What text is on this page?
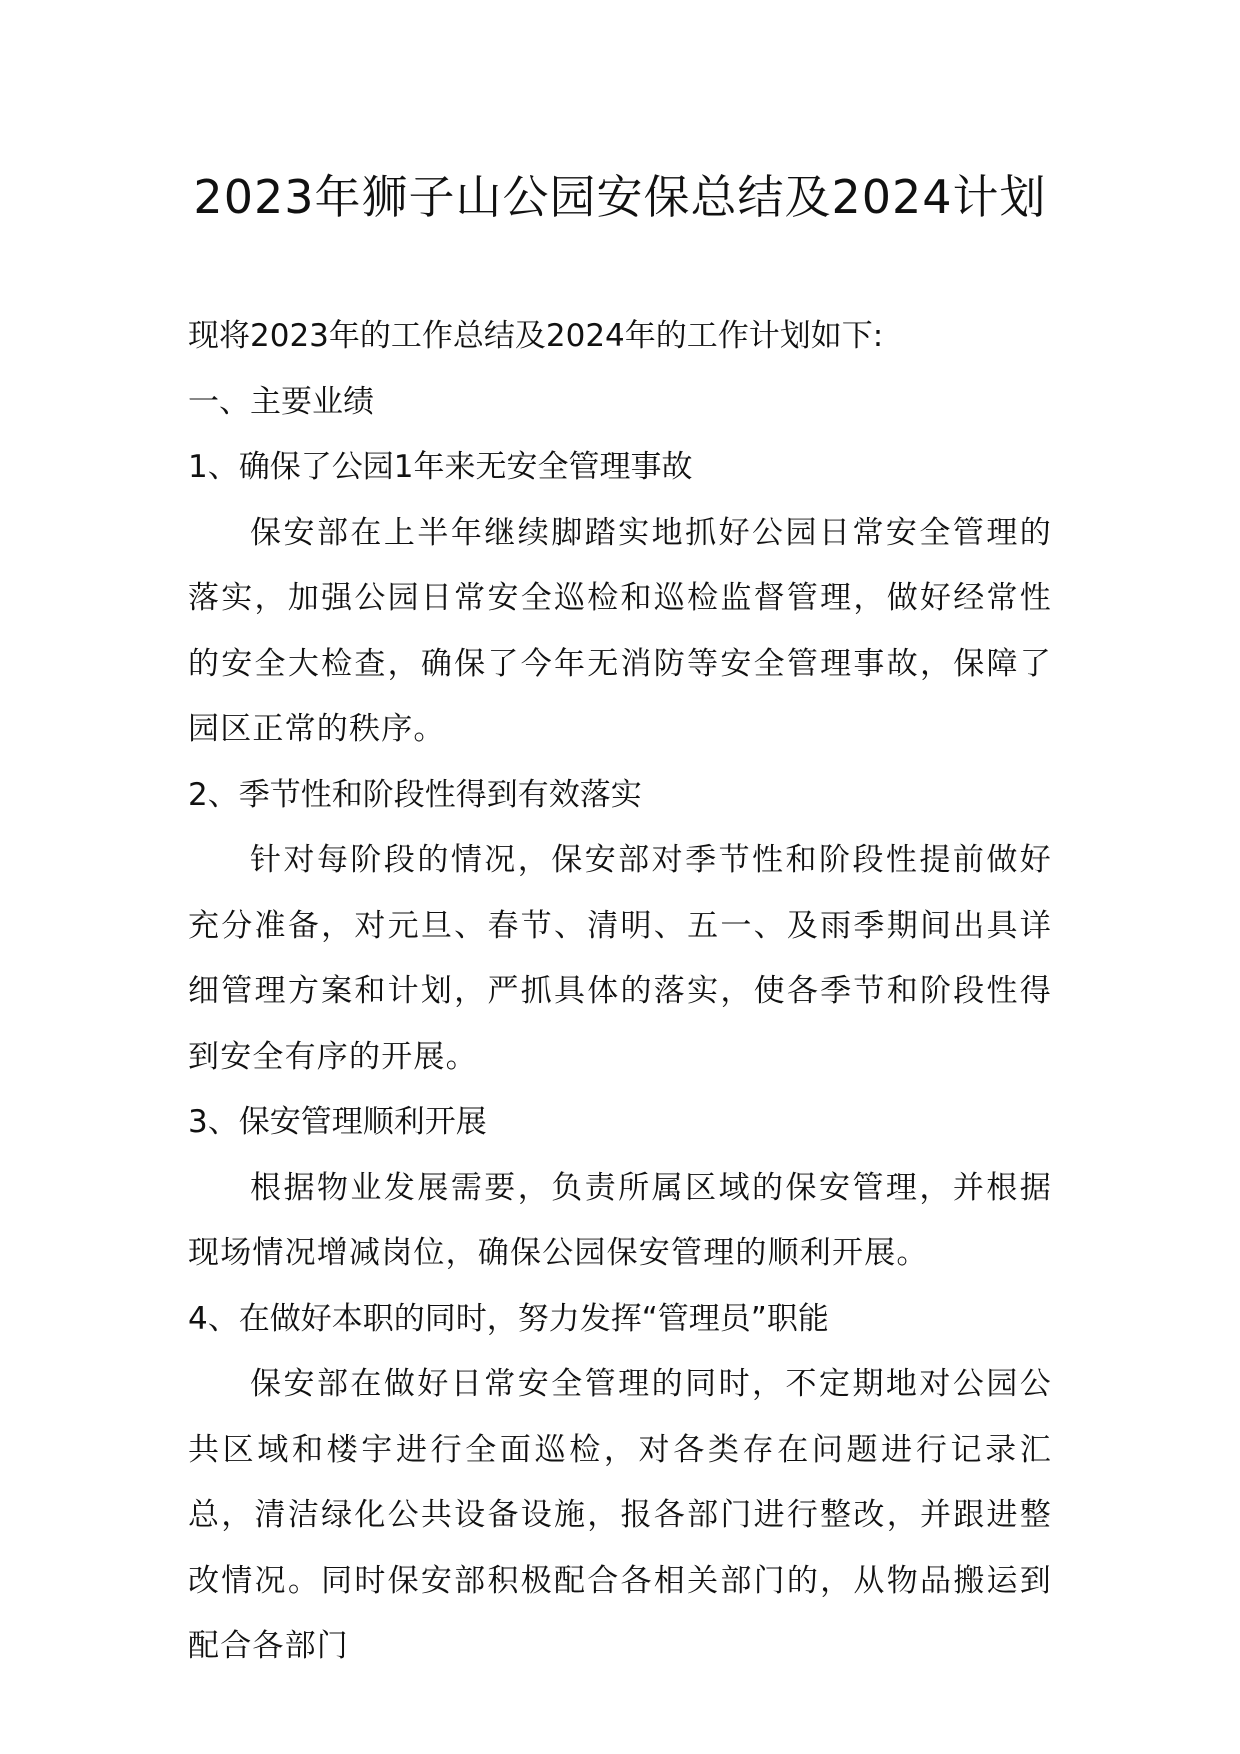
2023年狮子山公园安保总结及2024计划

现将2023年的工作总结及2024年的工作计划如下:

一、主要业绩

1、确保了公园1年来无安全管理事故

保安部在上半年继续脚踏实地抓好公园日常安全管理的落实，加强公园日常安全巡检和巡检监督管理，做好经常性的安全大检查，确保了今年无消防等安全管理事故，保障了园区正常的秩序。

2、季节性和阶段性得到有效落实

针对每阶段的情况，保安部对季节性和阶段性提前做好充分准备，对元旦、春节、清明、五一、及雨季期间出具详细管理方案和计划，严抓具体的落实，使各季节和阶段性得到安全有序的开展。

3、保安管理顺利开展

根据物业发展需要，负责所属区域的保安管理，并根据现场情况增减岗位，确保公园保安管理的顺利开展。

4、在做好本职的同时，努力发挥“管理员”职能

保安部在做好日常安全管理的同时，不定期地对公园公共区域和楼宇进行全面巡检，对各类存在问题进行记录汇总，清洁绿化公共设备设施，报各部门进行整改，并跟进整改情况。同时保安部积极配合各相关部门的，从物品搬运到配合各部门
